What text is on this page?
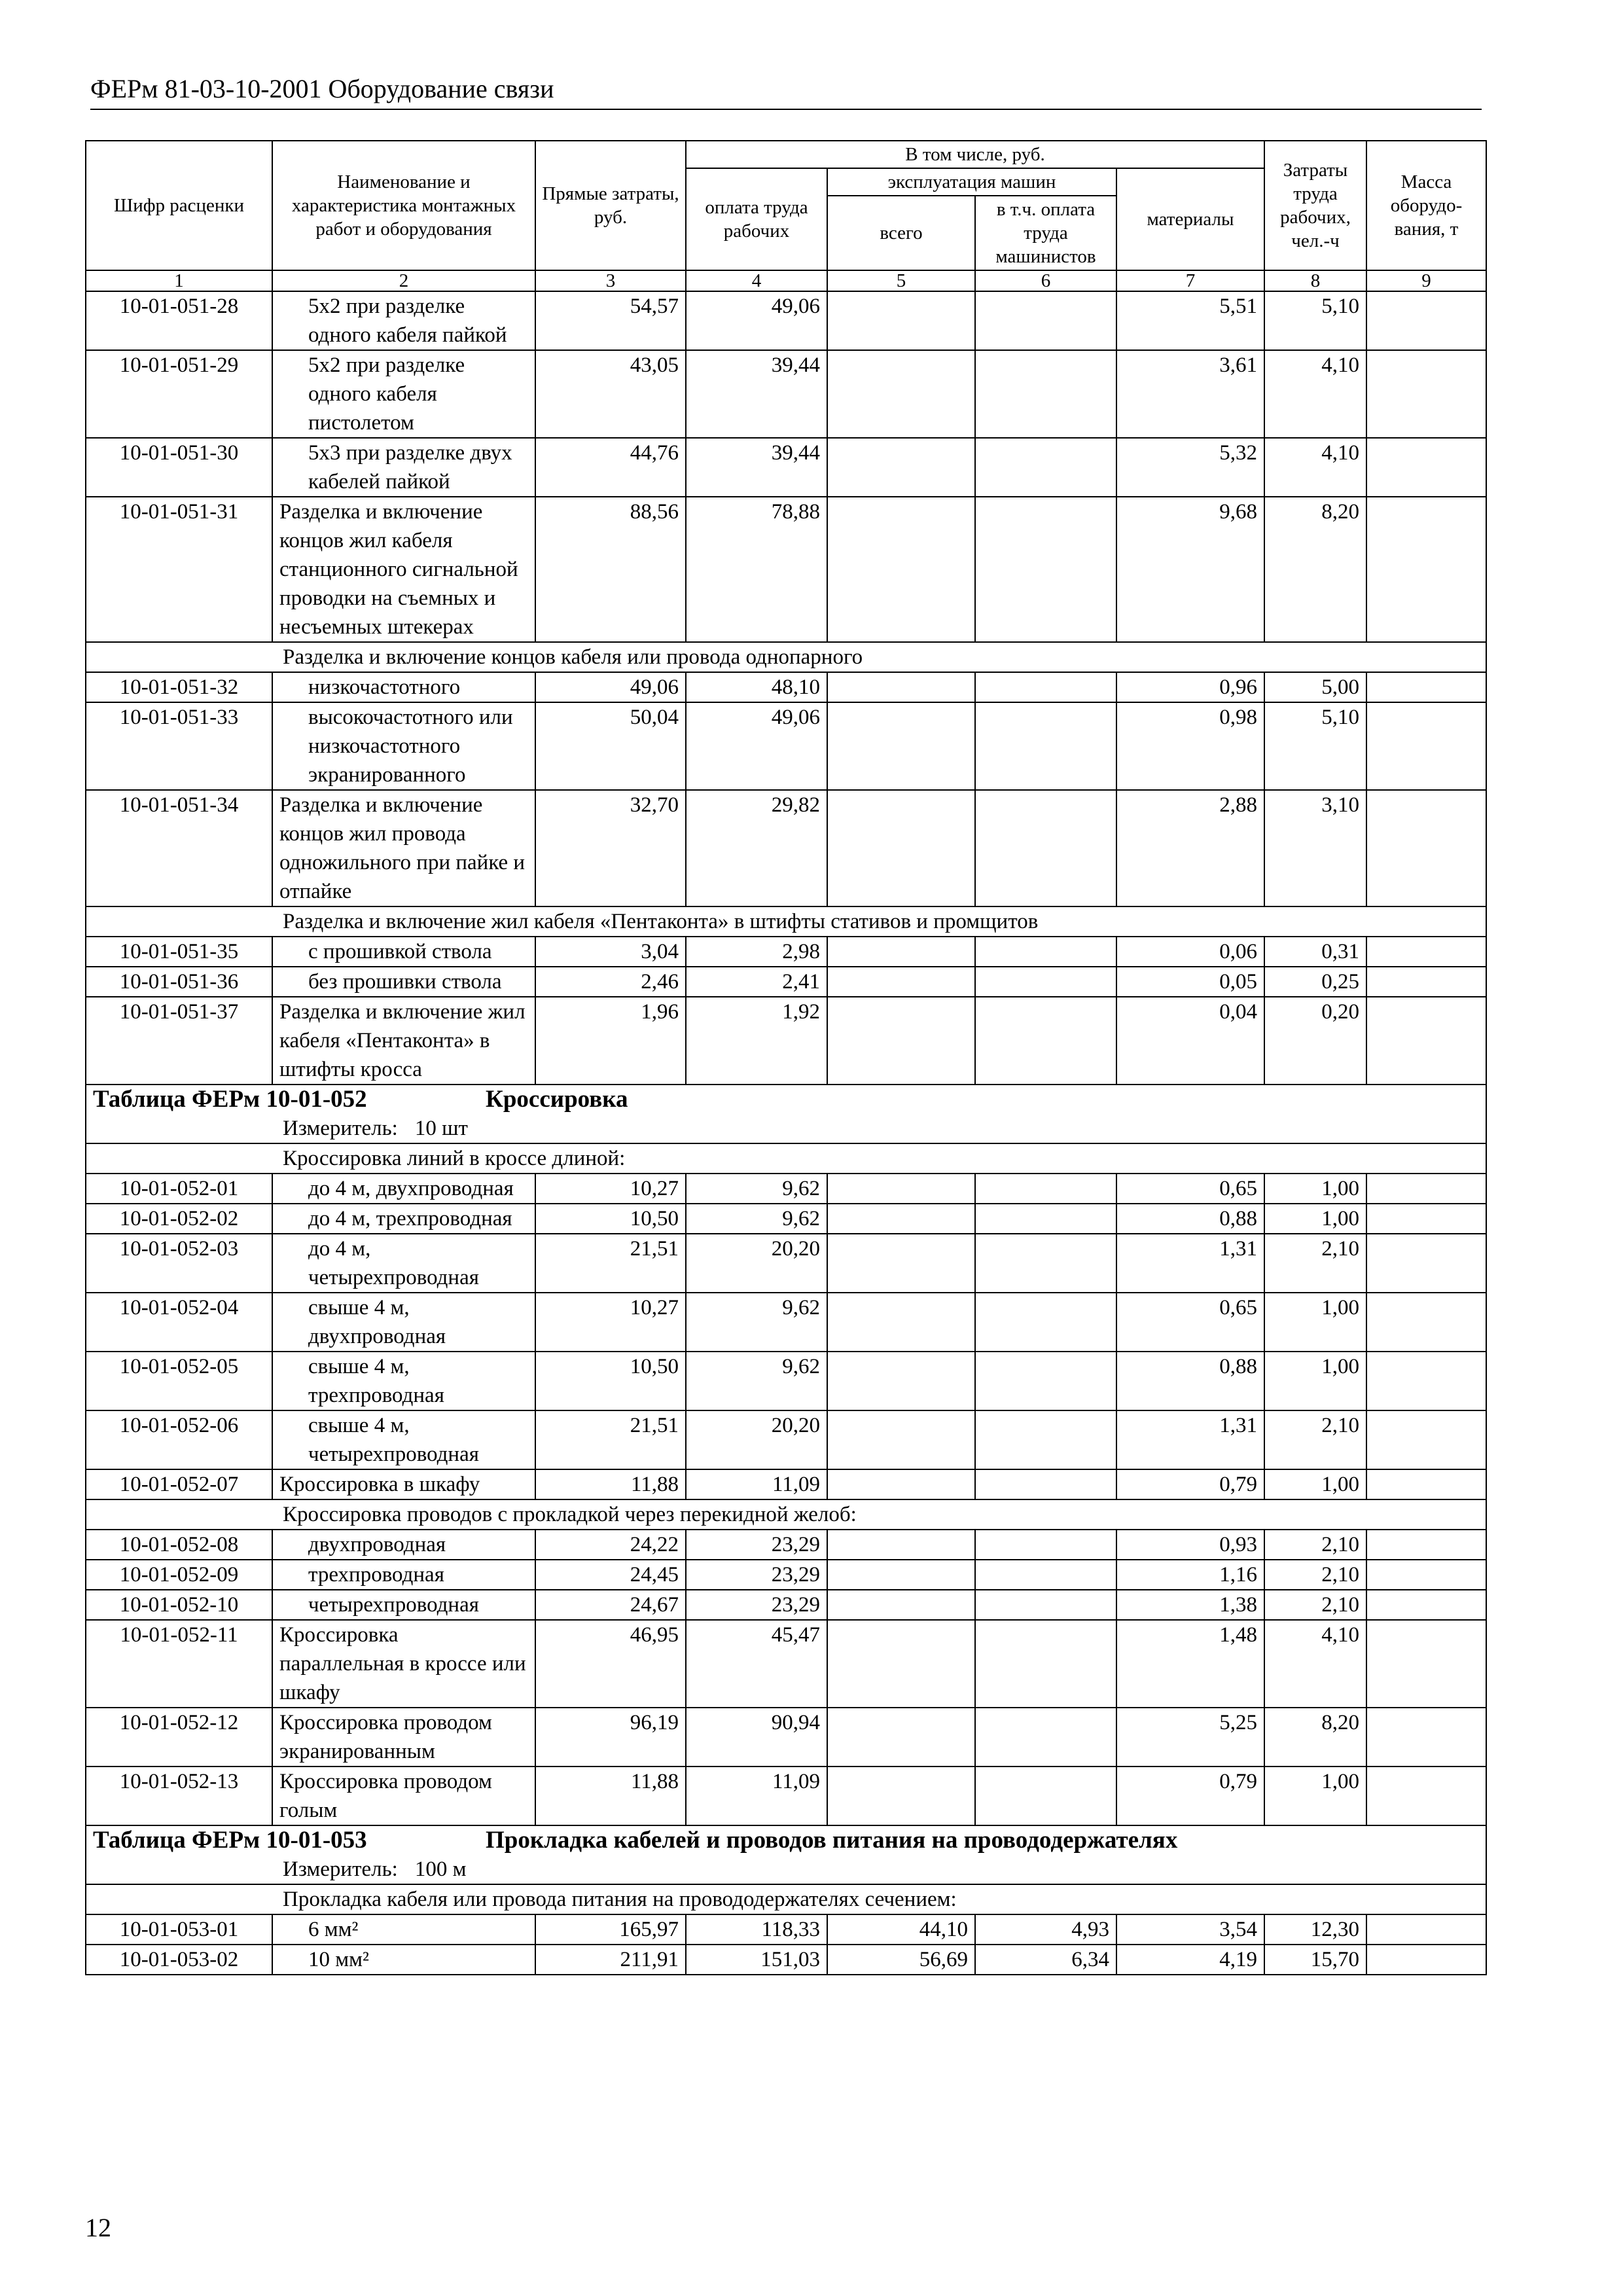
ФЕРм 81-03-10-2001 Оборудование связи
Шифр расценки	Наименование и характеристика монтажных работ и оборудования	Прямые затраты, руб.	В том числе, руб.				Затраты труда рабочих, чел.-ч	Масса оборудо-вания, т
			оплата труда рабочих	эксплуатация машин		материалы		
				всего	в т.ч. оплата труда машинистов			
1	2	3	4	5	6	7	8	9
10-01-051-28	5х2 при разделке одного кабеля пайкой	54,57	49,06			5,51	5,10	
10-01-051-29	5х2 при разделке одного кабеля пистолетом	43,05	39,44			3,61	4,10	
10-01-051-30	5х3 при разделке двух кабелей пайкой	44,76	39,44			5,32	4,10	
10-01-051-31	Разделка и включение концов жил кабеля станционного сигнальной проводки на съемных и несъемных штекерах	88,56	78,88			9,68	8,20	

Разделка и включение концов кабеля или провода однопарного								

10-01-051-32	низкочастотного	49,06	48,10			0,96	5,00	
10-01-051-33	высокочастотного или низкочастотного экранированного	50,04	49,06			0,98	5,10	
10-01-051-34	Разделка и включение концов жил провода одножильного при пайке и отпайке	32,70	29,82			2,88	3,10	

Разделка и включение жил кабеля «Пентаконта» в штифты стативов и промщитов								

10-01-051-35	с прошивкой ствола	3,04	2,98			0,06	0,31	
10-01-051-36	без прошивки ствола	2,46	2,41			0,05	0,25	
10-01-051-37	Разделка и включение жил кабеля «Пентаконта» в штифты кросса	1,96	1,92			0,04	0,20	
Таблица ФЕРм 10-01-052 Кроссировка
Измеритель: 10 шт								

Кроссировка линий в кроссе длиной:								

10-01-052-01	до 4 м, двухпроводная	10,27	9,62			0,65	1,00	
10-01-052-02	до 4 м, трехпроводная	10,50	9,62			0,88	1,00	
10-01-052-03	до 4 м, четырехпроводная	21,51	20,20			1,31	2,10	
10-01-052-04	свыше 4 м, двухпроводная	10,27	9,62			0,65	1,00	
10-01-052-05	свыше 4 м, трехпроводная	10,50	9,62			0,88	1,00	
10-01-052-06	свыше 4 м, четырехпроводная	21,51	20,20			1,31	2,10	
10-01-052-07	Кроссировка в шкафу	11,88	11,09			0,79	1,00	

Кроссировка проводов с прокладкой через перекидной желоб:								

10-01-052-08	двухпроводная	24,22	23,29			0,93	2,10	
10-01-052-09	трехпроводная	24,45	23,29			1,16	2,10	
10-01-052-10	четырехпроводная	24,67	23,29			1,38	2,10	
10-01-052-11	Кроссировка параллельная в кроссе или шкафу	46,95	45,47			1,48	4,10	
10-01-052-12	Кроссировка проводом экранированным	96,19	90,94			5,25	8,20	
10-01-052-13	Кроссировка проводом голым	11,88	11,09			0,79	1,00	
Таблица ФЕРм 10-01-053 Прокладка кабелей и проводов питания на провододержателях
Измеритель: 100 м								

Прокладка кабеля или провода питания на провододержателях сечением:								

10-01-053-01	6 мм²	165,97	118,33	44,10	4,93	3,54	12,30	
10-01-053-02	10 мм²	211,91	151,03	56,69	6,34	4,19	15,70	
12
